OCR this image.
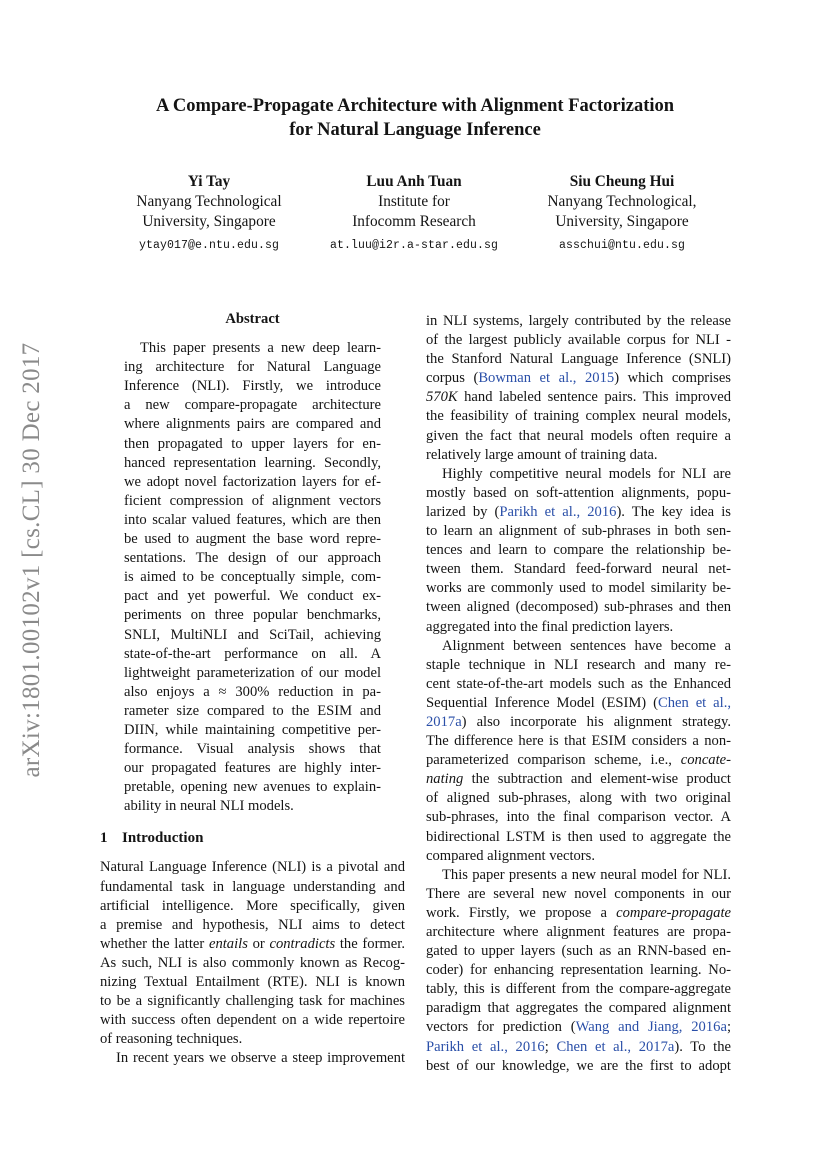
arXiv:1801.00102v1 [cs.CL] 30 Dec 2017
A Compare-Propagate Architecture with Alignment Factorization
for Natural Language Inference
Yi Tay
Nanyang Technological
University, Singapore
ytay017@e.ntu.edu.sg
Luu Anh Tuan
Institute for
Infocomm Research
at.luu@i2r.a-star.edu.sg
Siu Cheung Hui
Nanyang Technological,
University, Singapore
asschui@ntu.edu.sg
Abstract
This paper presents a new deep learn-
ing architecture for Natural Language
Inference (NLI). Firstly, we introduce
a new compare-propagate architecture
where alignments pairs are compared and
then propagated to upper layers for en-
hanced representation learning. Secondly,
we adopt novel factorization layers for ef-
ficient compression of alignment vectors
into scalar valued features, which are then
be used to augment the base word repre-
sentations. The design of our approach
is aimed to be conceptually simple, com-
pact and yet powerful. We conduct ex-
periments on three popular benchmarks,
SNLI, MultiNLI and SciTail, achieving
state-of-the-art performance on all. A
lightweight parameterization of our model
also enjoys a ≈ 300% reduction in pa-
rameter size compared to the ESIM and
DIIN, while maintaining competitive per-
formance. Visual analysis shows that
our propagated features are highly inter-
pretable, opening new avenues to explain-
ability in neural NLI models.
1 Introduction
Natural Language Inference (NLI) is a pivotal and
fundamental task in language understanding and
artificial intelligence. More specifically, given
a premise and hypothesis, NLI aims to detect
whether the latter entails or contradicts the former.
As such, NLI is also commonly known as Recog-
nizing Textual Entailment (RTE). NLI is known
to be a significantly challenging task for machines
with success often dependent on a wide repertoire
of reasoning techniques.
In recent years we observe a steep improvement
in NLI systems, largely contributed by the release
of the largest publicly available corpus for NLI -
the Stanford Natural Language Inference (SNLI)
corpus (Bowman et al., 2015) which comprises
570K hand labeled sentence pairs. This improved
the feasibility of training complex neural models,
given the fact that neural models often require a
relatively large amount of training data.
Highly competitive neural models for NLI are
mostly based on soft-attention alignments, popu-
larized by (Parikh et al., 2016). The key idea is
to learn an alignment of sub-phrases in both sen-
tences and learn to compare the relationship be-
tween them. Standard feed-forward neural net-
works are commonly used to model similarity be-
tween aligned (decomposed) sub-phrases and then
aggregated into the final prediction layers.
Alignment between sentences have become a
staple technique in NLI research and many re-
cent state-of-the-art models such as the Enhanced
Sequential Inference Model (ESIM) (Chen et al.,
2017a) also incorporate his alignment strategy.
The difference here is that ESIM considers a non-
parameterized comparison scheme, i.e., concate-
nating the subtraction and element-wise product
of aligned sub-phrases, along with two original
sub-phrases, into the final comparison vector. A
bidirectional LSTM is then used to aggregate the
compared alignment vectors.
This paper presents a new neural model for NLI.
There are several new novel components in our
work. Firstly, we propose a compare-propagate
architecture where alignment features are propa-
gated to upper layers (such as an RNN-based en-
coder) for enhancing representation learning. No-
tably, this is different from the compare-aggregate
paradigm that aggregates the compared alignment
vectors for prediction (Wang and Jiang, 2016a;
Parikh et al., 2016; Chen et al., 2017a). To the
best of our knowledge, we are the first to adopt
